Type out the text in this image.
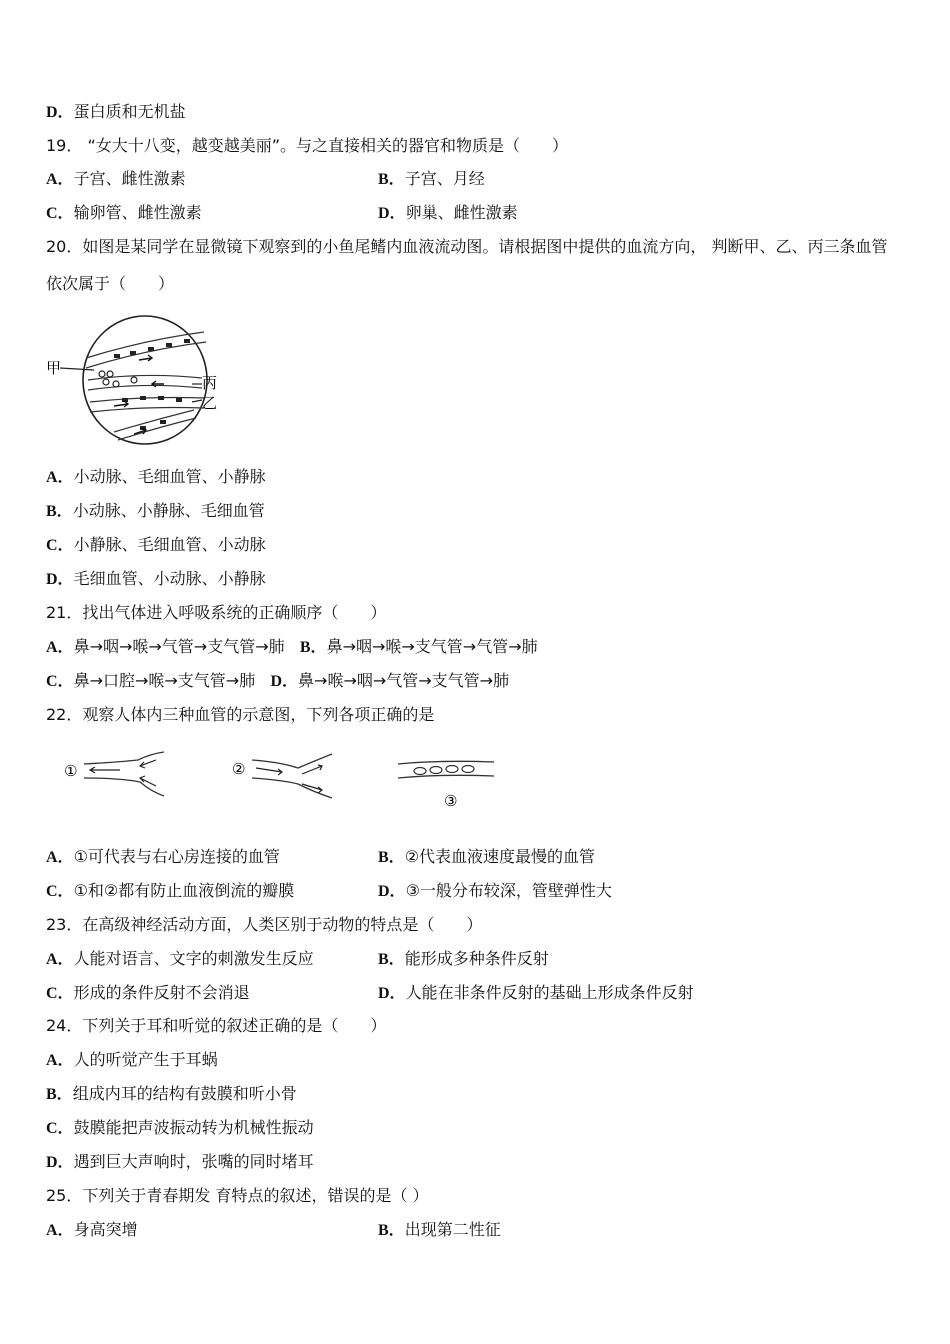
D．蛋白质和无机盐
19． “女大十八变，越变越美丽”。与之直接相关的器官和物质是（　　）
A．子宫、雌性激素	B．子宫、月经
C．输卵管、雌性激素	D．卵巢、雌性激素
20．如图是某同学在显微镜下观察到的小鱼尾鳍内血液流动图。请根据图中提供的血流方向， 判断甲、乙、丙三条血管
依次属于（　　）
甲
丙
乙
A．小动脉、毛细血管、小静脉
B．小动脉、小静脉、毛细血管
C．小静脉、毛细血管、小动脉
D．毛细血管、小动脉、小静脉
21．找出气体进入呼吸系统的正确顺序（　　）
A．鼻→咽→喉→气管→支气管→肺 B．鼻→咽→喉→支气管→气管→肺
C．鼻→口腔→喉→支气管→肺 D．鼻→喉→咽→气管→支气管→肺
22．观察人体内三种血管的示意图，下列各项正确的是
①	②
③
A．①可代表与右心房连接的血管	B．②代表血液速度最慢的血管
C．①和②都有防止血液倒流的瓣膜	D．③一般分布较深，管壁弹性大
23．在高级神经活动方面，人类区别于动物的特点是（　　）
A．人能对语言、文字的刺激发生反应	B．能形成多种条件反射
C．形成的条件反射不会消退	D．人能在非条件反射的基础上形成条件反射
24．下列关于耳和听觉的叙述正确的是（　　）
A．人的听觉产生于耳蜗
B．组成内耳的结构有鼓膜和听小骨
C．鼓膜能把声波振动转为机械性振动
D．遇到巨大声响时，张嘴的同时堵耳
25．下列关于青春期发 育特点的叙述，错误的是（ ）
A．身高突增	B．出现第二性征
